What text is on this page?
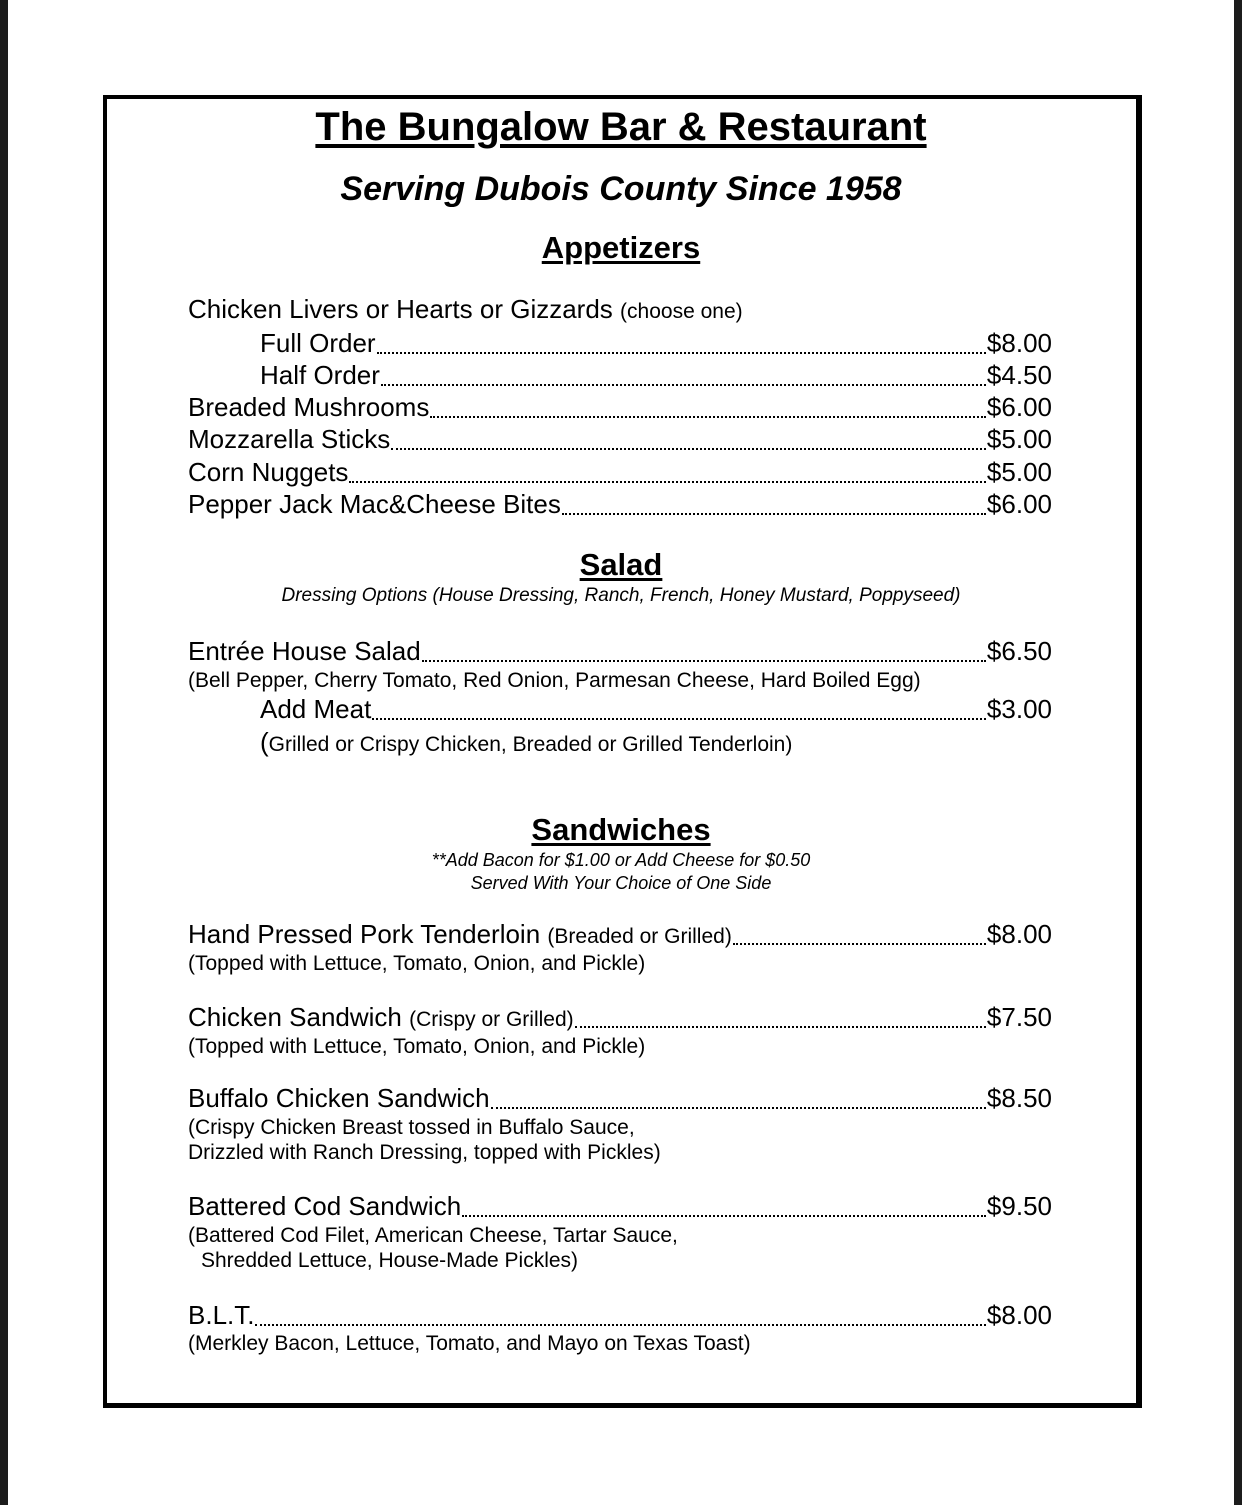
The Bungalow Bar & Restaurant
Serving Dubois County Since 1958
Appetizers
Chicken Livers or Hearts or Gizzards (choose one)
Full Order	$8.00
Half Order	$4.50
Breaded Mushrooms	$6.00
Mozzarella Sticks	$5.00
Corn Nuggets	$5.00
Pepper Jack Mac&Cheese Bites	$6.00
Salad
Dressing Options (House Dressing, Ranch, French, Honey Mustard, Poppyseed)
Entrée House Salad	$6.50
(Bell Pepper, Cherry Tomato, Red Onion, Parmesan Cheese, Hard Boiled Egg)
Add Meat	$3.00
(Grilled or Crispy Chicken, Breaded or Grilled Tenderloin)
Sandwiches
**Add Bacon for $1.00 or Add Cheese for $0.50
Served With Your Choice of One Side
Hand Pressed Pork Tenderloin (Breaded or Grilled)	$8.00
(Topped with Lettuce, Tomato, Onion, and Pickle)
Chicken Sandwich (Crispy or Grilled)	$7.50
(Topped with Lettuce, Tomato, Onion, and Pickle)
Buffalo Chicken Sandwich	$8.50
(Crispy Chicken Breast tossed in Buffalo Sauce,
Drizzled with Ranch Dressing, topped with Pickles)
Battered Cod Sandwich	$9.50
(Battered Cod Filet, American Cheese, Tartar Sauce,
Shredded Lettuce, House-Made Pickles)
B.L.T.	$8.00
(Merkley Bacon, Lettuce, Tomato, and Mayo on Texas Toast)
